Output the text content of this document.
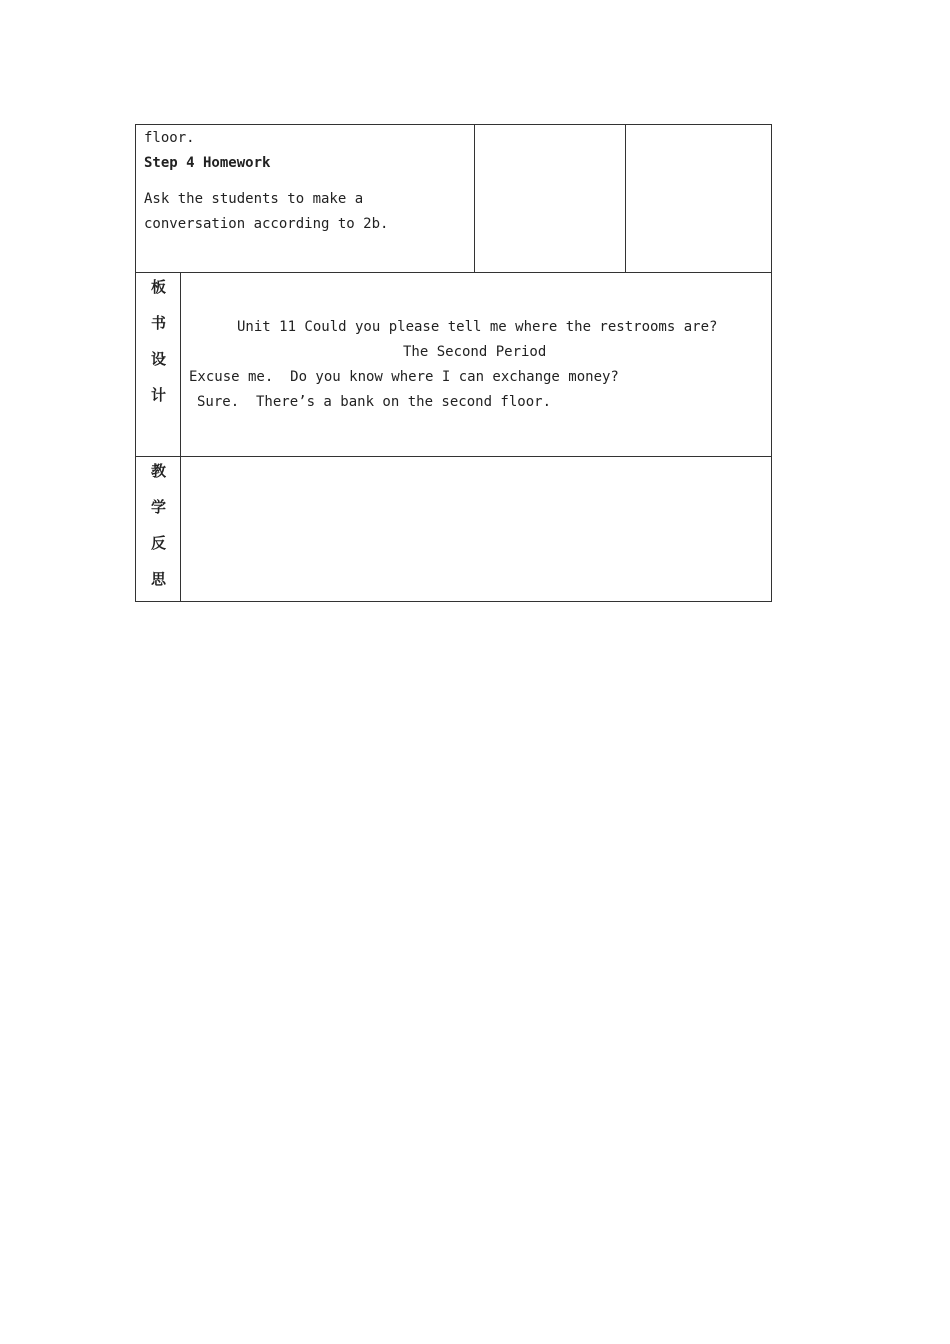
floor.
Step 4 Homework
Ask the students to make a
conversation according to 2b.
板
书
设
计
Unit 11 Could you please tell me where the restrooms are?
The Second Period
Excuse me.  Do you know where I can exchange money?
Sure.  There’s a bank on the second floor.
教
学
反
思
